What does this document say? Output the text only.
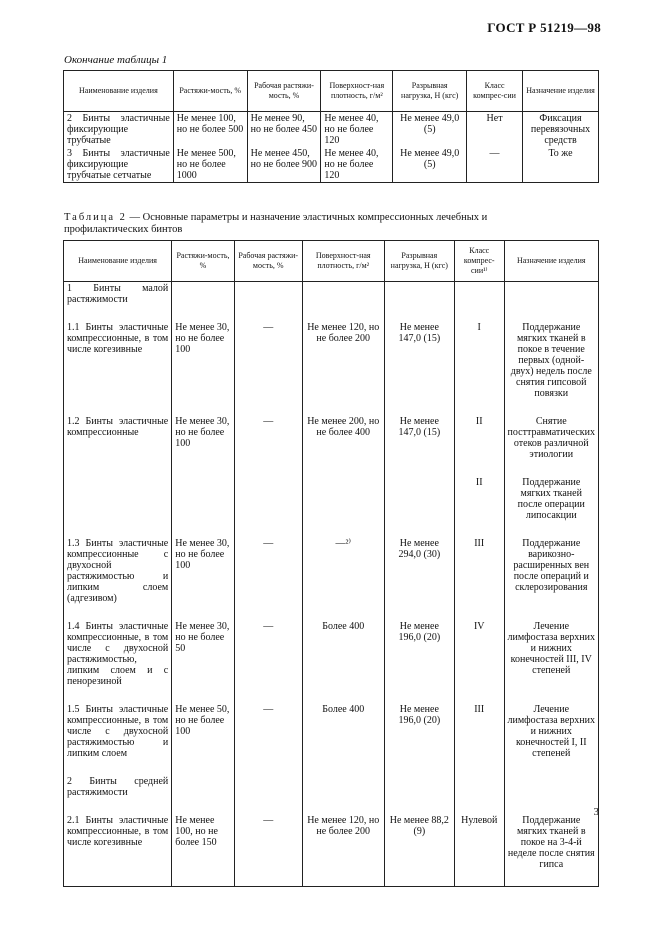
ГОСТ Р 51219—98
Окончание таблицы 1
Наименование изделия	Растяжи-мость, %	Рабочая растяжи-мость, %	Поверхност-ная плотность, г/м²	Разрывная нагрузка, Н (кгс)	Класс компрес-сии	Назначение изделия
2 Бинты эластичные фиксирующие трубчатые	Не менее 100, но не более 500	Не менее 90, но не более 450	Не менее 40, но не более 120	Не менее 49,0 (5)	Нет	Фиксация перевязочных средств
3 Бинты эластичные фиксирующие трубчатые сетчатые	Не менее 500, но не более 1000	Не менее 450, но не более 900	Не менее 40, но не более 120	Не менее 49,0 (5)	—	То же
Таблица 2 — Основные параметры и назначение эластичных компрессионных лечебных и профилактических бинтов
Наименование изделия	Растяжи-мость, %	Рабочая растяжи-мость, %	Поверхност-ная плотность, г/м²	Разрывная нагрузка, Н (кгс)	Класс компрес-сии¹⁾	Назначение изделия
1 Бинты малой растяжимости						
1.1 Бинты эластичные компрессионные, в том числе когезивные	Не менее 30, но не более 100	—	Не менее 120, но не более 200	Не менее 147,0 (15)	I	Поддержание мягких тканей в покое в течение первых (одной-двух) недель после снятия гипсовой повязки
1.2 Бинты эластичные компрессионные	Не менее 30, но не более 100	—	Не менее 200, но не более 400	Не менее 147,0 (15)	II	Снятие посттравматических отеков различной этиологии
					II	Поддержание мягких тканей после операции липосакции
1.3 Бинты эластичные компрессионные с двухосной растяжимостью и липким слоем (адгезивом)	Не менее 30, но не более 100	—	—²⁾	Не менее 294,0 (30)	III	Поддержание варикознорасширенных вен после операций и склерозирования
1.4 Бинты эластичные компрессионные, в том числе с двухосной растяжимостью, липким слоем и с пенорезиной	Не менее 30, но не более 50	—	Более 400	Не менее 196,0 (20)	IV	Лечение лимфостаза верхних и нижних конечностей III, IV степеней
1.5 Бинты эластичные компрессионные, в том числе с двухосной растяжимостью и липким слоем	Не менее 50, но не более 100	—	Более 400	Не менее 196,0 (20)	III	Лечение лимфостаза верхних и нижних конечностей I, II степеней
2 Бинты средней растяжимости						
2.1 Бинты эластичные компрессионные, в том числе когезивные	Не менее 100, но не более 150	—	Не менее 120, но не более 200	Не менее 88,2 (9)	Нулевой	Поддержание мягких тканей в покое на 3-4-й неделе после снятия гипса
3
